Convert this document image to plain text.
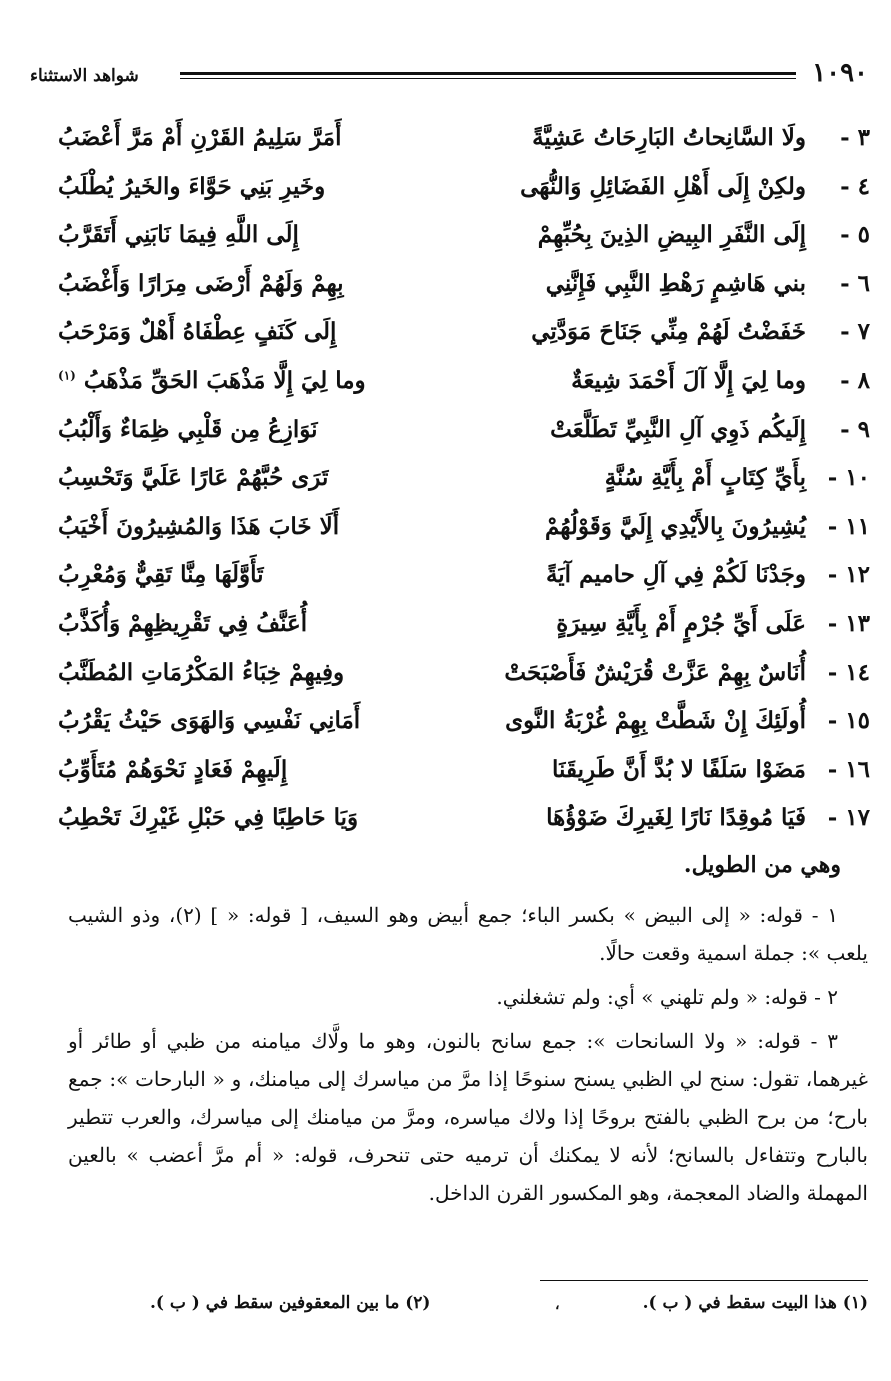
١٠٩٠
شواهد الاستثناء
٣ -
ولَا السَّانِحاتُ البَارِحَاتُ عَشِيَّةً
أَمَرَّ سَلِيمُ القَرْنِ أَمْ مَرَّ أَعْضَبُ
٤ -
ولكِنْ إِلَى أَهْلِ الفَضَائِلِ وَالنُّهَى
وخَيرِ بَنِي حَوَّاءَ والخَيرُ يُطْلَبُ
٥ -
إِلَى النَّفَرِ البِيضِ الذِينَ بِحُبِّهِمْ
إِلَى اللَّهِ فِيمَا نَابَنِي أَتَقَرَّبُ
٦ -
بني هَاشِمٍ رَهْطِ النَّبِي فَإِنَّنِي
بِهِمْ وَلَهُمْ أَرْضَى مِرَارًا وَأَغْضَبُ
٧ -
خَفَضْتُ لَهُمْ مِنِّي جَنَاحَ مَوَدَّتِي
إِلَى كَنَفٍ عِطْفَاهُ أَهْلٌ وَمَرْحَبُ
٨ -
وما لِيَ إِلَّا آلَ أَحْمَدَ شِيعَةٌ
وما لِيَ إِلَّا مَذْهَبَ الحَقِّ مَذْهَبُ $^{(١)}$
٩ -
إِلَيكُم ذَوِي آلِ النَّبِيِّ تَطَلَّعَتْ
نَوَازِعُ مِن قَلْبِي ظِمَاءٌ وَأَلْبُبُ
١٠ -
بِأَيِّ كِتَابٍ أَمْ بِأَيَّةِ سُنَّةٍ
تَرَى حُبَّهُمْ عَارًا عَلَيَّ وَتَحْسِبُ
١١ -
يُشِيرُونَ بِالأَيْدِي إِلَيَّ وَقَوْلُهُمْ
أَلَا خَابَ هَذَا وَالمُشِيرُونَ أَخْيَبُ
١٢ -
وجَدْنَا لَكُمْ فِي آلِ حاميم آيَةً
تَأَوَّلَهَا مِنَّا تَقِيٌّ وَمُعْرِبُ
١٣ -
عَلَى أَيِّ جُرْمٍ أَمْ بِأَيَّةِ سِيرَةٍ
أُعَنَّفُ فِي تَقْرِيظِهِمْ وَأُكَذَّبُ
١٤ -
أُنَاسٌ بِهِمْ عَزَّتْ قُرَيْشٌ فَأَصْبَحَتْ
وفِيهِمْ خِبَاءُ المَكْرُمَاتِ المُطَنَّبُ
١٥ -
أُولَئِكَ إِنْ شَطَّتْ بِهِمْ غُرْبَةُ النَّوى
أَمَانِي نَفْسِي وَالهَوَى حَيْثُ يَقْرُبُ
١٦ -
مَضَوْا سَلَفًا لا بُدَّ أَنَّ طَرِيقَنَا
إِلَيهِمْ فَعَادٍ نَحْوَهُمْ مُتَأَوِّبُ
١٧ -
فَيَا مُوقِدًا نَارًا لِغَيرِكَ ضَوْؤُهَا
وَيَا حَاطِبًا فِي حَبْلِ غَيْرِكَ تَحْطِبُ
وهي من الطويل.

١ - قوله: « إلى البيض » بكسر الباء؛ جمع أبيض وهو السيف، [ قوله: « ] (٢)، وذو الشيب يلعب »: جملة اسمية وقعت حالًا.

٢ - قوله: « ولم تلهني » أي: ولم تشغلني.

٣ - قوله: « ولا السانحات »: جمع سانح بالنون، وهو ما ولَّاك ميامنه من ظبي أو طائر أو غيرهما، تقول: سنح لي الظبي يسنح سنوحًا إذا مرَّ من مياسرك إلى ميامنك، و « البارحات »: جمع بارح؛ من برح الظبي بالفتح بروحًا إذا ولاك مياسره، ومرَّ من ميامنك إلى مياسرك، والعرب تتطير بالبارح وتتفاءل بالسانح؛ لأنه لا يمكنك أن ترميه حتى تنحرف، قوله: « أم مرَّ أعضب » بالعين المهملة والضاد المعجمة، وهو المكسور القرن الداخل.

(١) هذا البيت سقط في ( ب ).
،
(٢) ما بين المعقوفين سقط في ( ب ).
